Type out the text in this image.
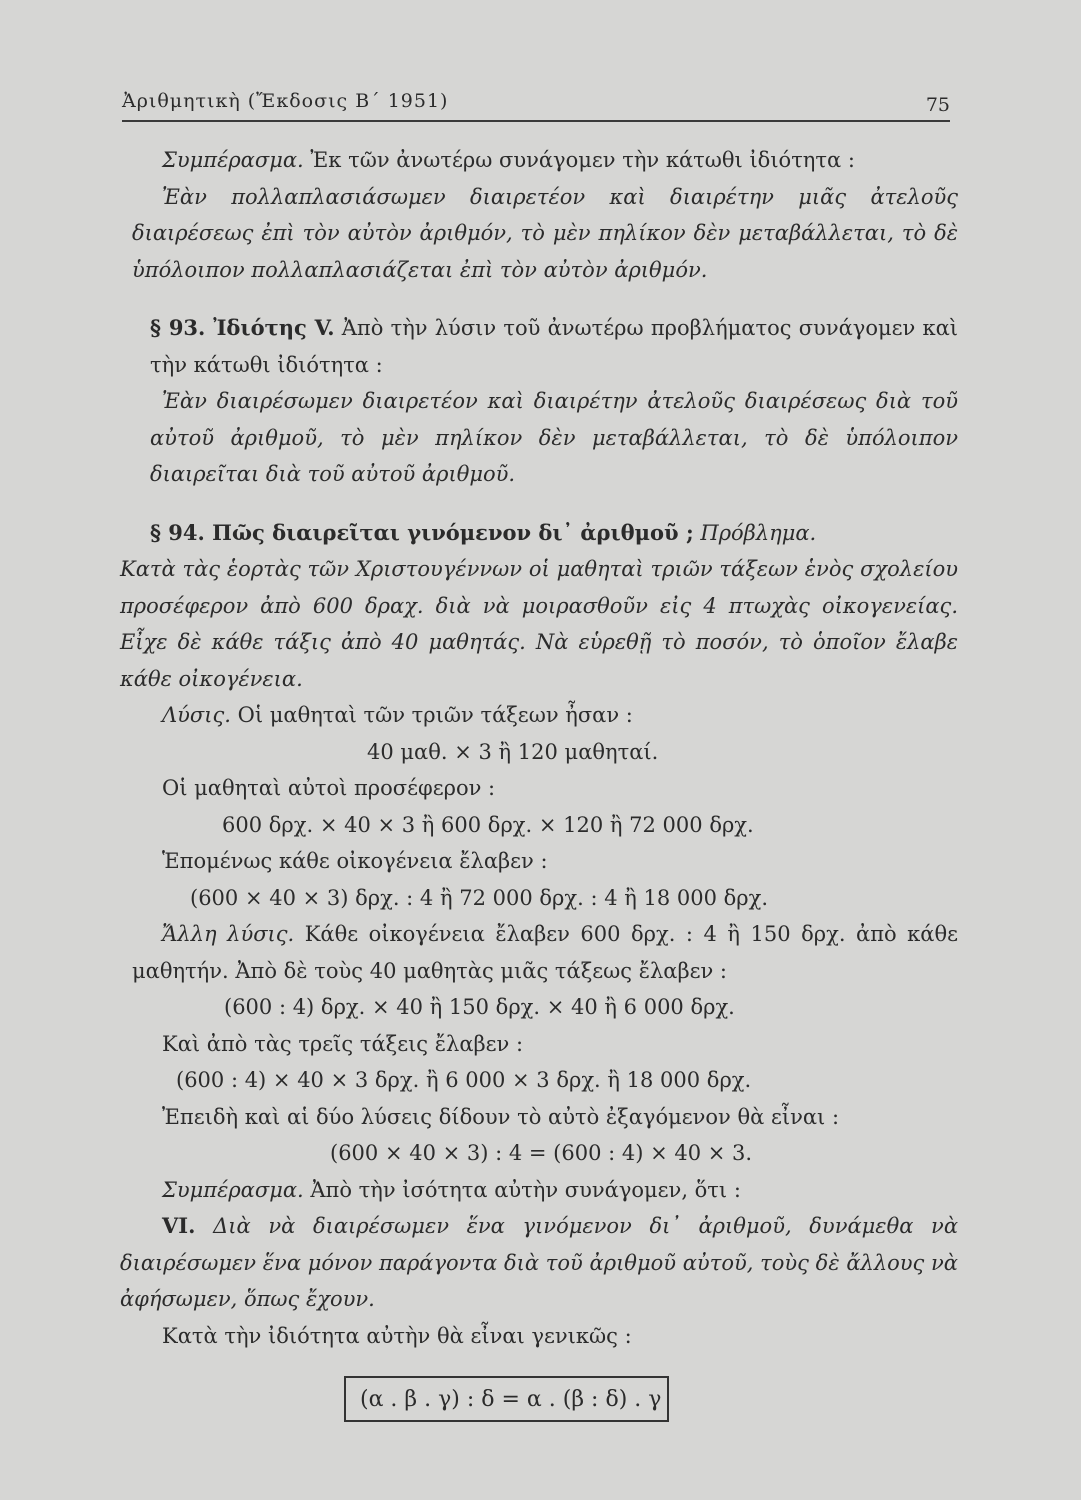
Ἀριθμητικὴ (Ἔκδοσις Β΄ 1951)	75

Συμπέρασμα. Ἐκ τῶν ἀνωτέρω συνάγομεν τὴν κάτωθι ἰδιότητα :

Ἐὰν πολλαπλασιάσωμεν διαιρετέον καὶ διαιρέτην μιᾶς ἀτελοῦς διαιρέσεως ἐπὶ τὸν αὐτὸν ἀριθμόν, τὸ μὲν πηλίκον δὲν μεταβάλλεται, τὸ δὲ ὑπόλοιπον πολλαπλασιάζεται ἐπὶ τὸν αὐτὸν ἀριθμόν.

§ 93. Ἰδιότης V. Ἀπὸ τὴν λύσιν τοῦ ἀνωτέρω προβλήματος συνάγομεν καὶ τὴν κάτωθι ἰδιότητα :

Ἐὰν διαιρέσωμεν διαιρετέον καὶ διαιρέτην ἀτελοῦς διαιρέσεως διὰ τοῦ αὐτοῦ ἀριθμοῦ, τὸ μὲν πηλίκον δὲν μεταβάλλεται, τὸ δὲ ὑπόλοιπον διαιρεῖται διὰ τοῦ αὐτοῦ ἀριθμοῦ.

§ 94. Πῶς διαιρεῖται γινόμενον δι᾽ ἀριθμοῦ ; Πρόβλημα.

Κατὰ τὰς ἑορτὰς τῶν Χριστουγέννων οἱ μαθηταὶ τριῶν τάξεων ἑνὸς σχολείου προσέφερον ἀπὸ 600 δραχ. διὰ νὰ μοιρασθοῦν εἰς 4 πτωχὰς οἰκογενείας. Εἶχε δὲ κάθε τάξις ἀπὸ 40 μαθητάς. Νὰ εὑρεθῇ τὸ ποσόν, τὸ ὁποῖον ἔλαβε κάθε οἰκογένεια.

Λύσις. Οἱ μαθηταὶ τῶν τριῶν τάξεων ἦσαν :

40 μαθ. × 3 ἢ 120 μαθηταί.

Οἱ μαθηταὶ αὐτοὶ προσέφερον :

600 δρχ. × 40 × 3 ἢ 600 δρχ. × 120 ἢ 72 000 δρχ.

Ἑπομένως κάθε οἰκογένεια ἔλαβεν :

(600 × 40 × 3) δρχ. : 4 ἢ 72 000 δρχ. : 4 ἢ 18 000 δρχ.

Ἄλλη λύσις. Κάθε οἰκογένεια ἔλαβεν 600 δρχ. : 4 ἢ 150 δρχ. ἀπὸ κάθε μαθητήν. Ἀπὸ δὲ τοὺς 40 μαθητὰς μιᾶς τάξεως ἔλαβεν :

(600 : 4) δρχ. × 40 ἢ 150 δρχ. × 40 ἢ 6 000 δρχ.

Καὶ ἀπὸ τὰς τρεῖς τάξεις ἔλαβεν :

(600 : 4) × 40 × 3 δρχ. ἢ 6 000 × 3 δρχ. ἢ 18 000 δρχ.

Ἐπειδὴ καὶ αἱ δύο λύσεις δίδουν τὸ αὐτὸ ἐξαγόμενον θὰ εἶναι :

(600 × 40 × 3) : 4 = (600 : 4) × 40 × 3.

Συμπέρασμα. Ἀπὸ τὴν ἰσότητα αὐτὴν συνάγομεν, ὅτι :

VI. Διὰ νὰ διαιρέσωμεν ἕνα γινόμενον δι᾽ ἀριθμοῦ, δυνάμεθα νὰ διαιρέσωμεν ἕνα μόνον παράγοντα διὰ τοῦ ἀριθμοῦ αὐτοῦ, τοὺς δὲ ἄλλους νὰ ἀφήσωμεν, ὅπως ἔχουν.

Κατὰ τὴν ἰδιότητα αὐτὴν θὰ εἶναι γενικῶς :

(α . β . γ) : δ = α . (β : δ) . γ
